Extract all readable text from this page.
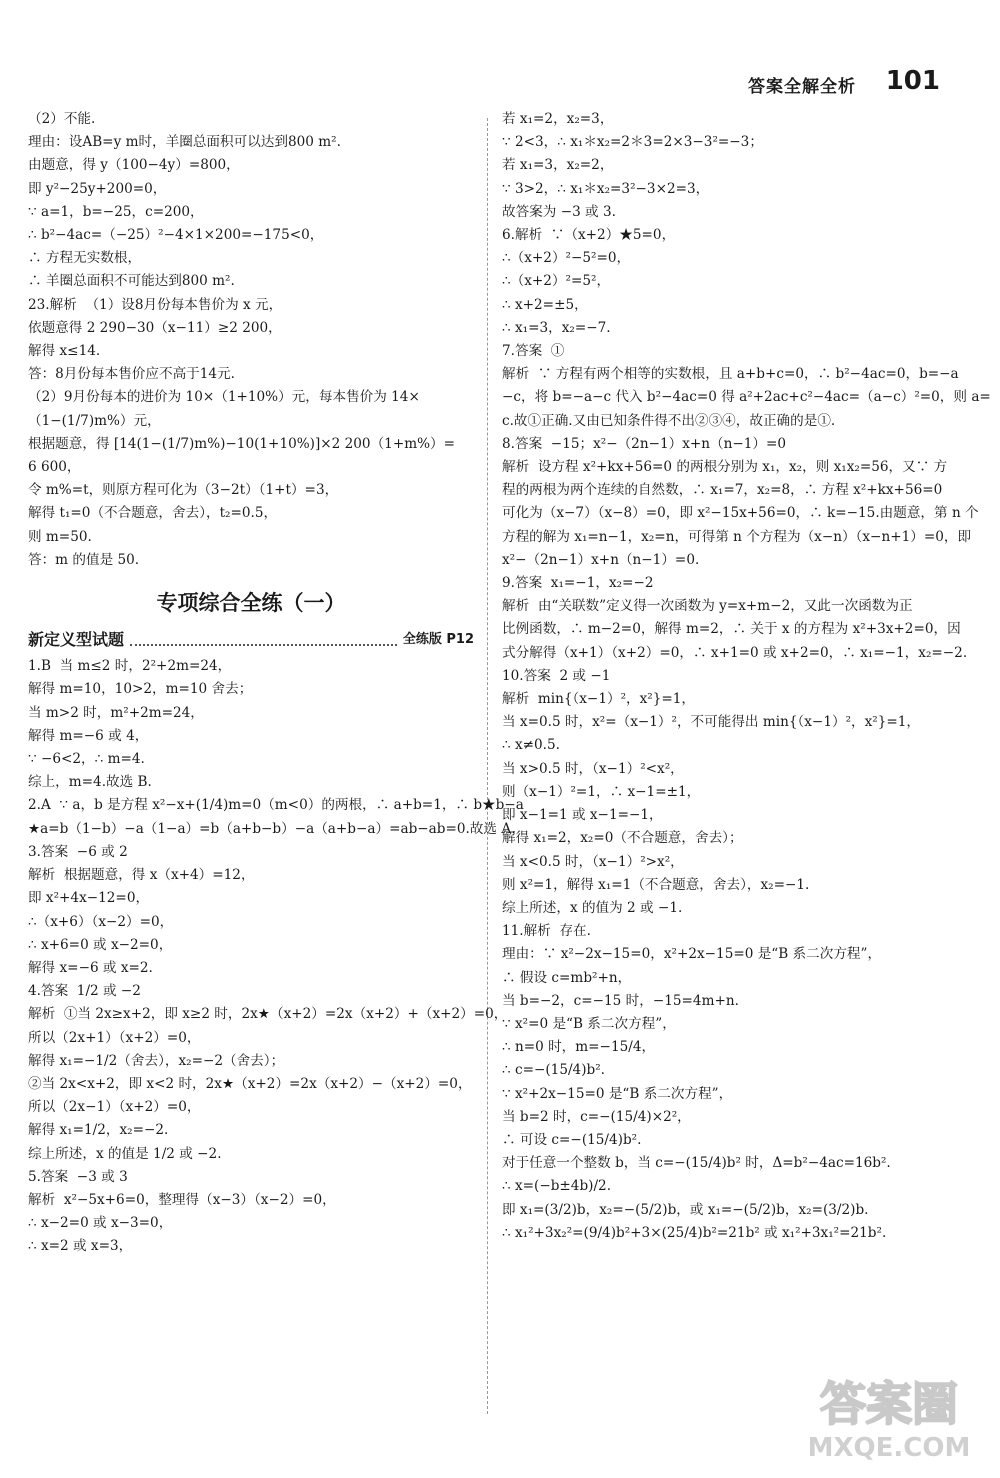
答案全解全析 101
（2）不能.
理由：设AB=y m时，羊圈总面积可以达到800 m².
由题意，得 y（100−4y）=800，
即 y²−25y+200=0，
∵ a=1，b=−25，c=200，
∴ b²−4ac=（−25）²−4×1×200=−175<0，
∴ 方程无实数根，
∴ 羊圈总面积不可能达到800 m².
23.解析  （1）设8月份每本售价为 x 元，
依题意得 2 290−30（x−11）≥2 200，
解得 x≤14.
答：8月份每本售价应不高于14元.
（2）9月份每本的进价为 10×（1+10%）元，每本售价为 14×
（1−(1/7)m%）元，
根据题意，得 [14(1−(1/7)m%)−10(1+10%)]×2 200（1+m%）=
6 600，
令 m%=t，则原方程可化为（3−2t）（1+t）=3，
解得 t₁=0（不合题意，舍去），t₂=0.5，
则 m=50.
答：m 的值是 50.
专项综合全练（一）
新定义型试题	全练版 P12
1.B  当 m≤2 时，2²+2m=24，
解得 m=10，10>2，m=10 舍去；
当 m>2 时，m²+2m=24，
解得 m=−6 或 4，
∵ −6<2，∴ m=4.
综上，m=4.故选 B.
2.A  ∵ a，b 是方程 x²−x+(1/4)m=0（m<0）的两根，∴ a+b=1，∴ b★b−a
★a=b（1−b）−a（1−a）=b（a+b−b）−a（a+b−a）=ab−ab=0.故选 A.
3.答案  −6 或 2
解析  根据题意，得 x（x+4）=12，
即 x²+4x−12=0，
∴（x+6）（x−2）=0，
∴ x+6=0 或 x−2=0，
解得 x=−6 或 x=2.
4.答案  1/2 或 −2
解析  ①当 2x≥x+2，即 x≥2 时，2x★（x+2）=2x（x+2）+（x+2）=0，
所以（2x+1）（x+2）=0，
解得 x₁=−1/2（舍去），x₂=−2（舍去）；
②当 2x<x+2，即 x<2 时，2x★（x+2）=2x（x+2）−（x+2）=0，
所以（2x−1）（x+2）=0，
解得 x₁=1/2，x₂=−2.
综上所述，x 的值是 1/2 或 −2.
5.答案  −3 或 3
解析  x²−5x+6=0，整理得（x−3）（x−2）=0，
∴ x−2=0 或 x−3=0，
∴ x=2 或 x=3，
若 x₁=2，x₂=3，
∵ 2<3，∴ x₁＊x₂=2＊3=2×3−3²=−3；
若 x₁=3，x₂=2，
∵ 3>2，∴ x₁＊x₂=3²−3×2=3，
故答案为 −3 或 3.
6.解析  ∵（x+2）★5=0，
∴（x+2）²−5²=0，
∴（x+2）²=5²，
∴ x+2=±5，
∴ x₁=3，x₂=−7.
7.答案  ①
解析  ∵ 方程有两个相等的实数根，且 a+b+c=0，∴ b²−4ac=0，b=−a
−c，将 b=−a−c 代入 b²−4ac=0 得 a²+2ac+c²−4ac=（a−c）²=0，则 a=
c.故①正确.又由已知条件得不出②③④，故正确的是①.
8.答案  −15；x²−（2n−1）x+n（n−1）=0
解析  设方程 x²+kx+56=0 的两根分别为 x₁，x₂，则 x₁x₂=56，又∵ 方
程的两根为两个连续的自然数，∴ x₁=7，x₂=8，∴ 方程 x²+kx+56=0
可化为（x−7）（x−8）=0，即 x²−15x+56=0，∴ k=−15.由题意，第 n 个
方程的解为 x₁=n−1，x₂=n，可得第 n 个方程为（x−n）（x−n+1）=0，即
x²−（2n−1）x+n（n−1）=0.
9.答案  x₁=−1，x₂=−2
解析  由“关联数”定义得一次函数为 y=x+m−2，又此一次函数为正
比例函数，∴ m−2=0，解得 m=2，∴ 关于 x 的方程为 x²+3x+2=0，因
式分解得（x+1）（x+2）=0，∴ x+1=0 或 x+2=0，∴ x₁=−1，x₂=−2.
10.答案  2 或 −1
解析  min{（x−1）²，x²}=1，
当 x=0.5 时，x²=（x−1）²，不可能得出 min{（x−1）²，x²}=1，
∴ x≠0.5.
当 x>0.5 时，（x−1）²<x²，
则（x−1）²=1，∴ x−1=±1，
即 x−1=1 或 x−1=−1，
解得 x₁=2，x₂=0（不合题意，舍去）；
当 x<0.5 时，（x−1）²>x²，
则 x²=1，解得 x₁=1（不合题意，舍去），x₂=−1.
综上所述，x 的值为 2 或 −1.
11.解析  存在.
理由：∵ x²−2x−15=0，x²+2x−15=0 是“B 系二次方程”，
∴ 假设 c=mb²+n，
当 b=−2，c=−15 时，−15=4m+n.
∵ x²=0 是“B 系二次方程”，
∴ n=0 时，m=−15/4，
∴ c=−(15/4)b².
∵ x²+2x−15=0 是“B 系二次方程”，
当 b=2 时，c=−(15/4)×2²，
∴ 可设 c=−(15/4)b².
对于任意一个整数 b，当 c=−(15/4)b² 时，Δ=b²−4ac=16b².
∴ x=(−b±4b)/2.
即 x₁=(3/2)b，x₂=−(5/2)b，或 x₁=−(5/2)b，x₂=(3/2)b.
∴ x₁²+3x₂²=(9/4)b²+3×(25/4)b²=21b² 或 x₁²+3x₁²=21b².
答案圈
MXQE.COM
